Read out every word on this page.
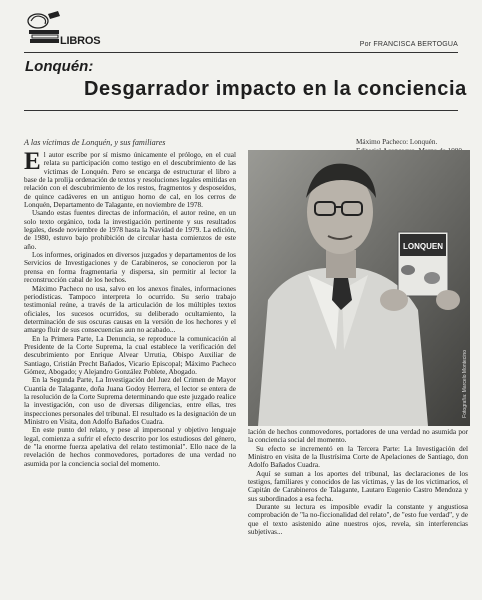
LIBROS	Por FRANCISCA BERTOGUA
Lonquén:
Desgarrador impacto en la conciencia
A las víctimas de Lonquén, y sus familiares	Máximo Pacheco: Lonquén.

El autor escribe por sí mismo únicamente el prólogo, en el cual relata su participación como testigo en el descubrimiento de las víctimas de Lonquén. Pero se encarga de estructurar el libro a base de la prolija ordenación de textos y resoluciones legales emitidas en relación con el descubrimiento de los restos, fragmentos y desposeídos, de quince cadáveres en un antiguo horno de cal, en los cerros de Lonquén, Departamento de Talagante, en noviembre de 1978.

Usando estas fuentes directas de información, el autor reúne, en un solo texto orgánico, toda la investigación pertinente y sus resultados legales, desde noviembre de 1978 hasta la Navidad de 1979. La edición, de 1980, estuvo bajo prohibición de circular hasta comienzos de este año.

Los informes, originados en diversos juzgados y departamentos de los Servicios de Investigaciones y de Carabineros, se conocieron por la prensa en forma fragmentaria y dispersa, sin permitir al lector la reconstrucción cabal de los hechos.

Máximo Pacheco no usa, salvo en los anexos finales, informaciones periodísticas. Tampoco interpreta lo ocurrido. Su serio trabajo testimonial reúne, a través de la articulación de los múltiples textos oficiales, los sucesos ocurridos, su deliberado ocultamiento, la determinación de sus oscuras causas en la versión de los hechores y el amargo fluir de sus consecuencias aun no acabado...

En la Primera Parte, La Denuncia, se reproduce la comunicación al Presidente de la Corte Suprema, la cual establece la verificación del descubrimiento por Enrique Alvear Urrutia, Obispo Auxiliar de Santiago, Cristián Precht Bañados, Vicario Episcopal; Máximo Pacheco Gómez, Abogado; y Alejandro González Poblete, Abogado.

En la Segunda Parte, La Investigación del Juez del Crimen de Mayor Cuantía de Talagante, doña Juana Godoy Herrera, el lector se entera de la resolución de la Corte Suprema determinando que este juzgado realice la investigación, con uso de diversas diligencias, entre ellas, tres inspecciones personales del tribunal. El resultado es la designación de un Ministro en Visita, don Adolfo Bañados Cuadra.

En este punto del relato, y pese al impersonal y objetivo lenguaje legal, comienza a sufrir el efecto descrito por los estudiosos del género, de "la enorme fuerza apelativa del relato testimonial". Ello nace de la revelación de hechos conmovedores, portadores de una verdad no asumida por la conciencia social del momento.

LONQUEN
Fotografía: Marcelo Montecino

lación de hechos conmovedores, portadores de una verdad no asumida por la conciencia social del momento.

Su efecto se incrementó en la Tercera Parte: La Investigación del Ministro en visita de la Ilustrísima Corte de Apelaciones de Santiago, don Adolfo Bañados Cuadra.

Aquí se suman a los aportes del tribunal, las declaraciones de los testigos, familiares y conocidos de las víctimas, y las de los victimarios, el Capitán de Carabineros de Talagante, Lautaro Eugenio Castro Mendoza y sus subordinados a esa fecha.

Durante su lectura es imposible evadir la constante y angustiosa comprobación de "la no-ficcionalidad del relato", de "esto fue verdad", y de que el texto asistenido aúne nuestros ojos, revela, sin interferencias subjetivas...
